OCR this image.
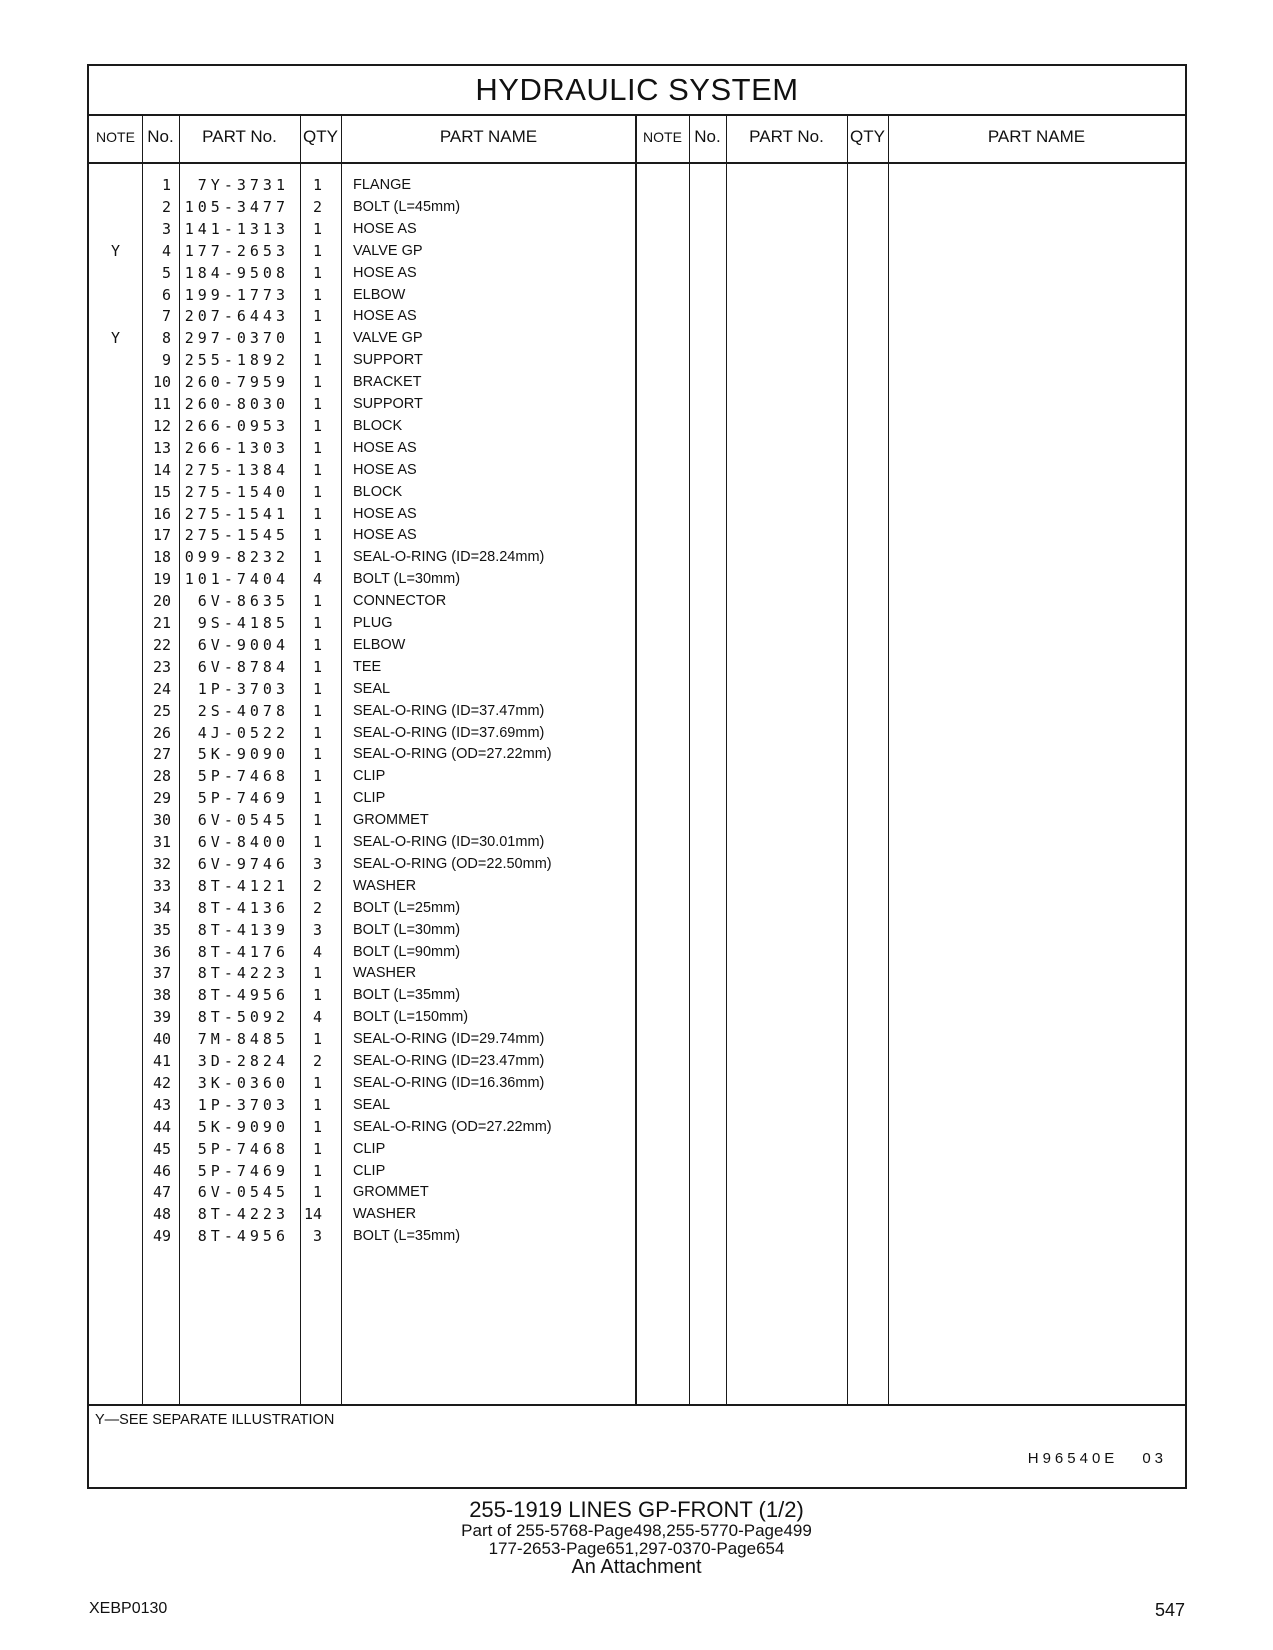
HYDRAULIC SYSTEM
NOTE No.	PART No.	QTY	PART NAME	NOTE No.	PART No.	QTY	PART NAME
1	7Y-3731	1 FLANGE
2 105-3477	2 BOLT (L=45mm)
3 141-1313	1 HOSE AS
Y	4 177-2653	1 VALVE GP
5 184-9508	1 HOSE AS
6 199-1773	1 ELBOW
7 207-6443	1 HOSE AS
Y	8 297-0370	1 VALVE GP
9 255-1892	1 SUPPORT
10 260-7959	1 BRACKET
11 260-8030	1 SUPPORT
12 266-0953	1 BLOCK
13 266-1303	1 HOSE AS
14 275-1384	1 HOSE AS
15 275-1540	1 BLOCK
16 275-1541	1 HOSE AS
17 275-1545	1 HOSE AS
18 099-8232	1 SEAL-O-RING (ID=28.24mm)
19 101-7404	4 BOLT (L=30mm)
20	6V-8635	1 CONNECTOR
21	9S-4185	1 PLUG
22	6V-9004	1 ELBOW
23	6V-8784	1 TEE
24	1P-3703	1 SEAL
25	2S-4078	1 SEAL-O-RING (ID=37.47mm)
26	4J-0522	1 SEAL-O-RING (ID=37.69mm)
27	5K-9090	1 SEAL-O-RING (OD=27.22mm)
28	5P-7468	1 CLIP
29	5P-7469	1 CLIP
30	6V-0545	1 GROMMET
31	6V-8400	1 SEAL-O-RING (ID=30.01mm)
32	6V-9746	3 SEAL-O-RING (OD=22.50mm)
33	8T-4121	2 WASHER
34	8T-4136	2 BOLT (L=25mm)
35	8T-4139	3 BOLT (L=30mm)
36	8T-4176	4 BOLT (L=90mm)
37	8T-4223	1 WASHER
38	8T-4956	1 BOLT (L=35mm)
39	8T-5092	4 BOLT (L=150mm)
40	7M-8485	1 SEAL-O-RING (ID=29.74mm)
41	3D-2824	2 SEAL-O-RING (ID=23.47mm)
42	3K-0360	1 SEAL-O-RING (ID=16.36mm)
43	1P-3703	1 SEAL
44	5K-9090	1 SEAL-O-RING (OD=27.22mm)
45	5P-7468	1 CLIP
46	5P-7469	1 CLIP
47	6V-0545	1 GROMMET
48	8T-4223 14 WASHER
49	8T-4956	3 BOLT (L=35mm)
Y—SEE SEPARATE ILLUSTRATION
H96540E 03
255-1919 LINES GP-FRONT (1/2)
Part of 255-5768-Page498,255-5770-Page499
177-2653-Page651,297-0370-Page654
An Attachment
XEBP0130	547
